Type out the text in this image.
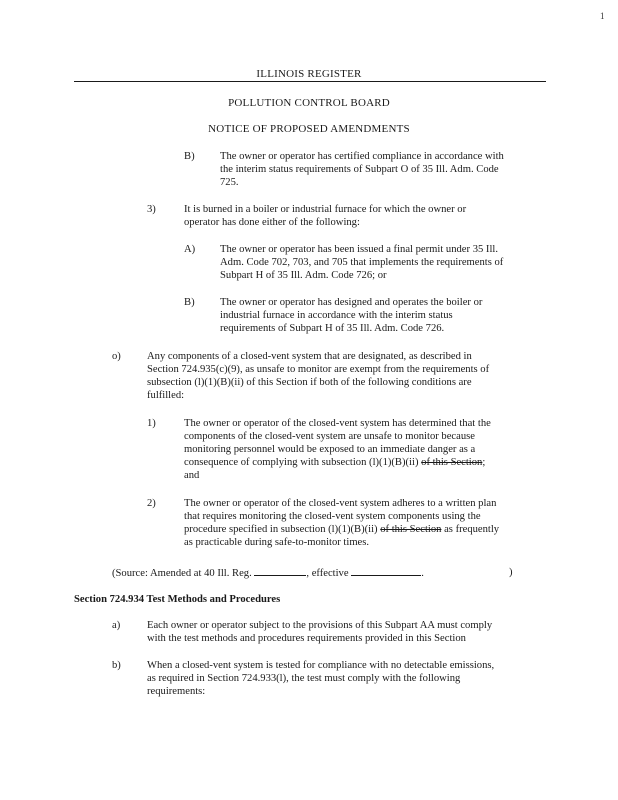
1
ILLINOIS REGISTER
POLLUTION CONTROL BOARD
NOTICE OF PROPOSED AMENDMENTS
B) The owner or operator has certified compliance in accordance with
the interim status requirements of Subpart O of 35 Ill. Adm. Code
725.
3)	It is burned in a boiler or industrial furnace for which the owner or
operator has done either of the following:
A) The owner or operator has been issued a final permit under 35 Ill.
Adm. Code 702, 703, and 705 that implements the requirements of
Subpart H of 35 Ill. Adm. Code 726; or
B) The owner or operator has designed and operates the boiler or
industrial furnace in accordance with the interim status
requirements of Subpart H of 35 Ill. Adm. Code 726.
o) Any components of a closed-vent system that are designated, as described in
Section 724.935(c)(9), as unsafe to monitor are exempt from the requirements of
subsection (l)(1)(B)(ii) of this Section if both of the following conditions are
fulfilled:
1)	The owner or operator of the closed-vent system has determined that the
components of the closed-vent system are unsafe to monitor because
monitoring personnel would be exposed to an immediate danger as a
consequence of complying with subsection (l)(1)(B)(ii) of this Section;
and
2)	The owner or operator of the closed-vent system adheres to a written plan
that requires monitoring the closed-vent system components using the
procedure specified in subsection (l)(1)(B)(ii) of this Section as frequently
as practicable during safe-to-monitor times.
(Source: Amended at 40 Ill. Reg.	, effective	.	)
Section 724.934 Test Methods and Procedures
a)	Each owner or operator subject to the provisions of this Subpart AA must comply
with the test methods and procedures requirements provided in this Section
b) When a closed-vent system is tested for compliance with no detectable emissions,
as required in Section 724.933(l), the test must comply with the following
requirements:
